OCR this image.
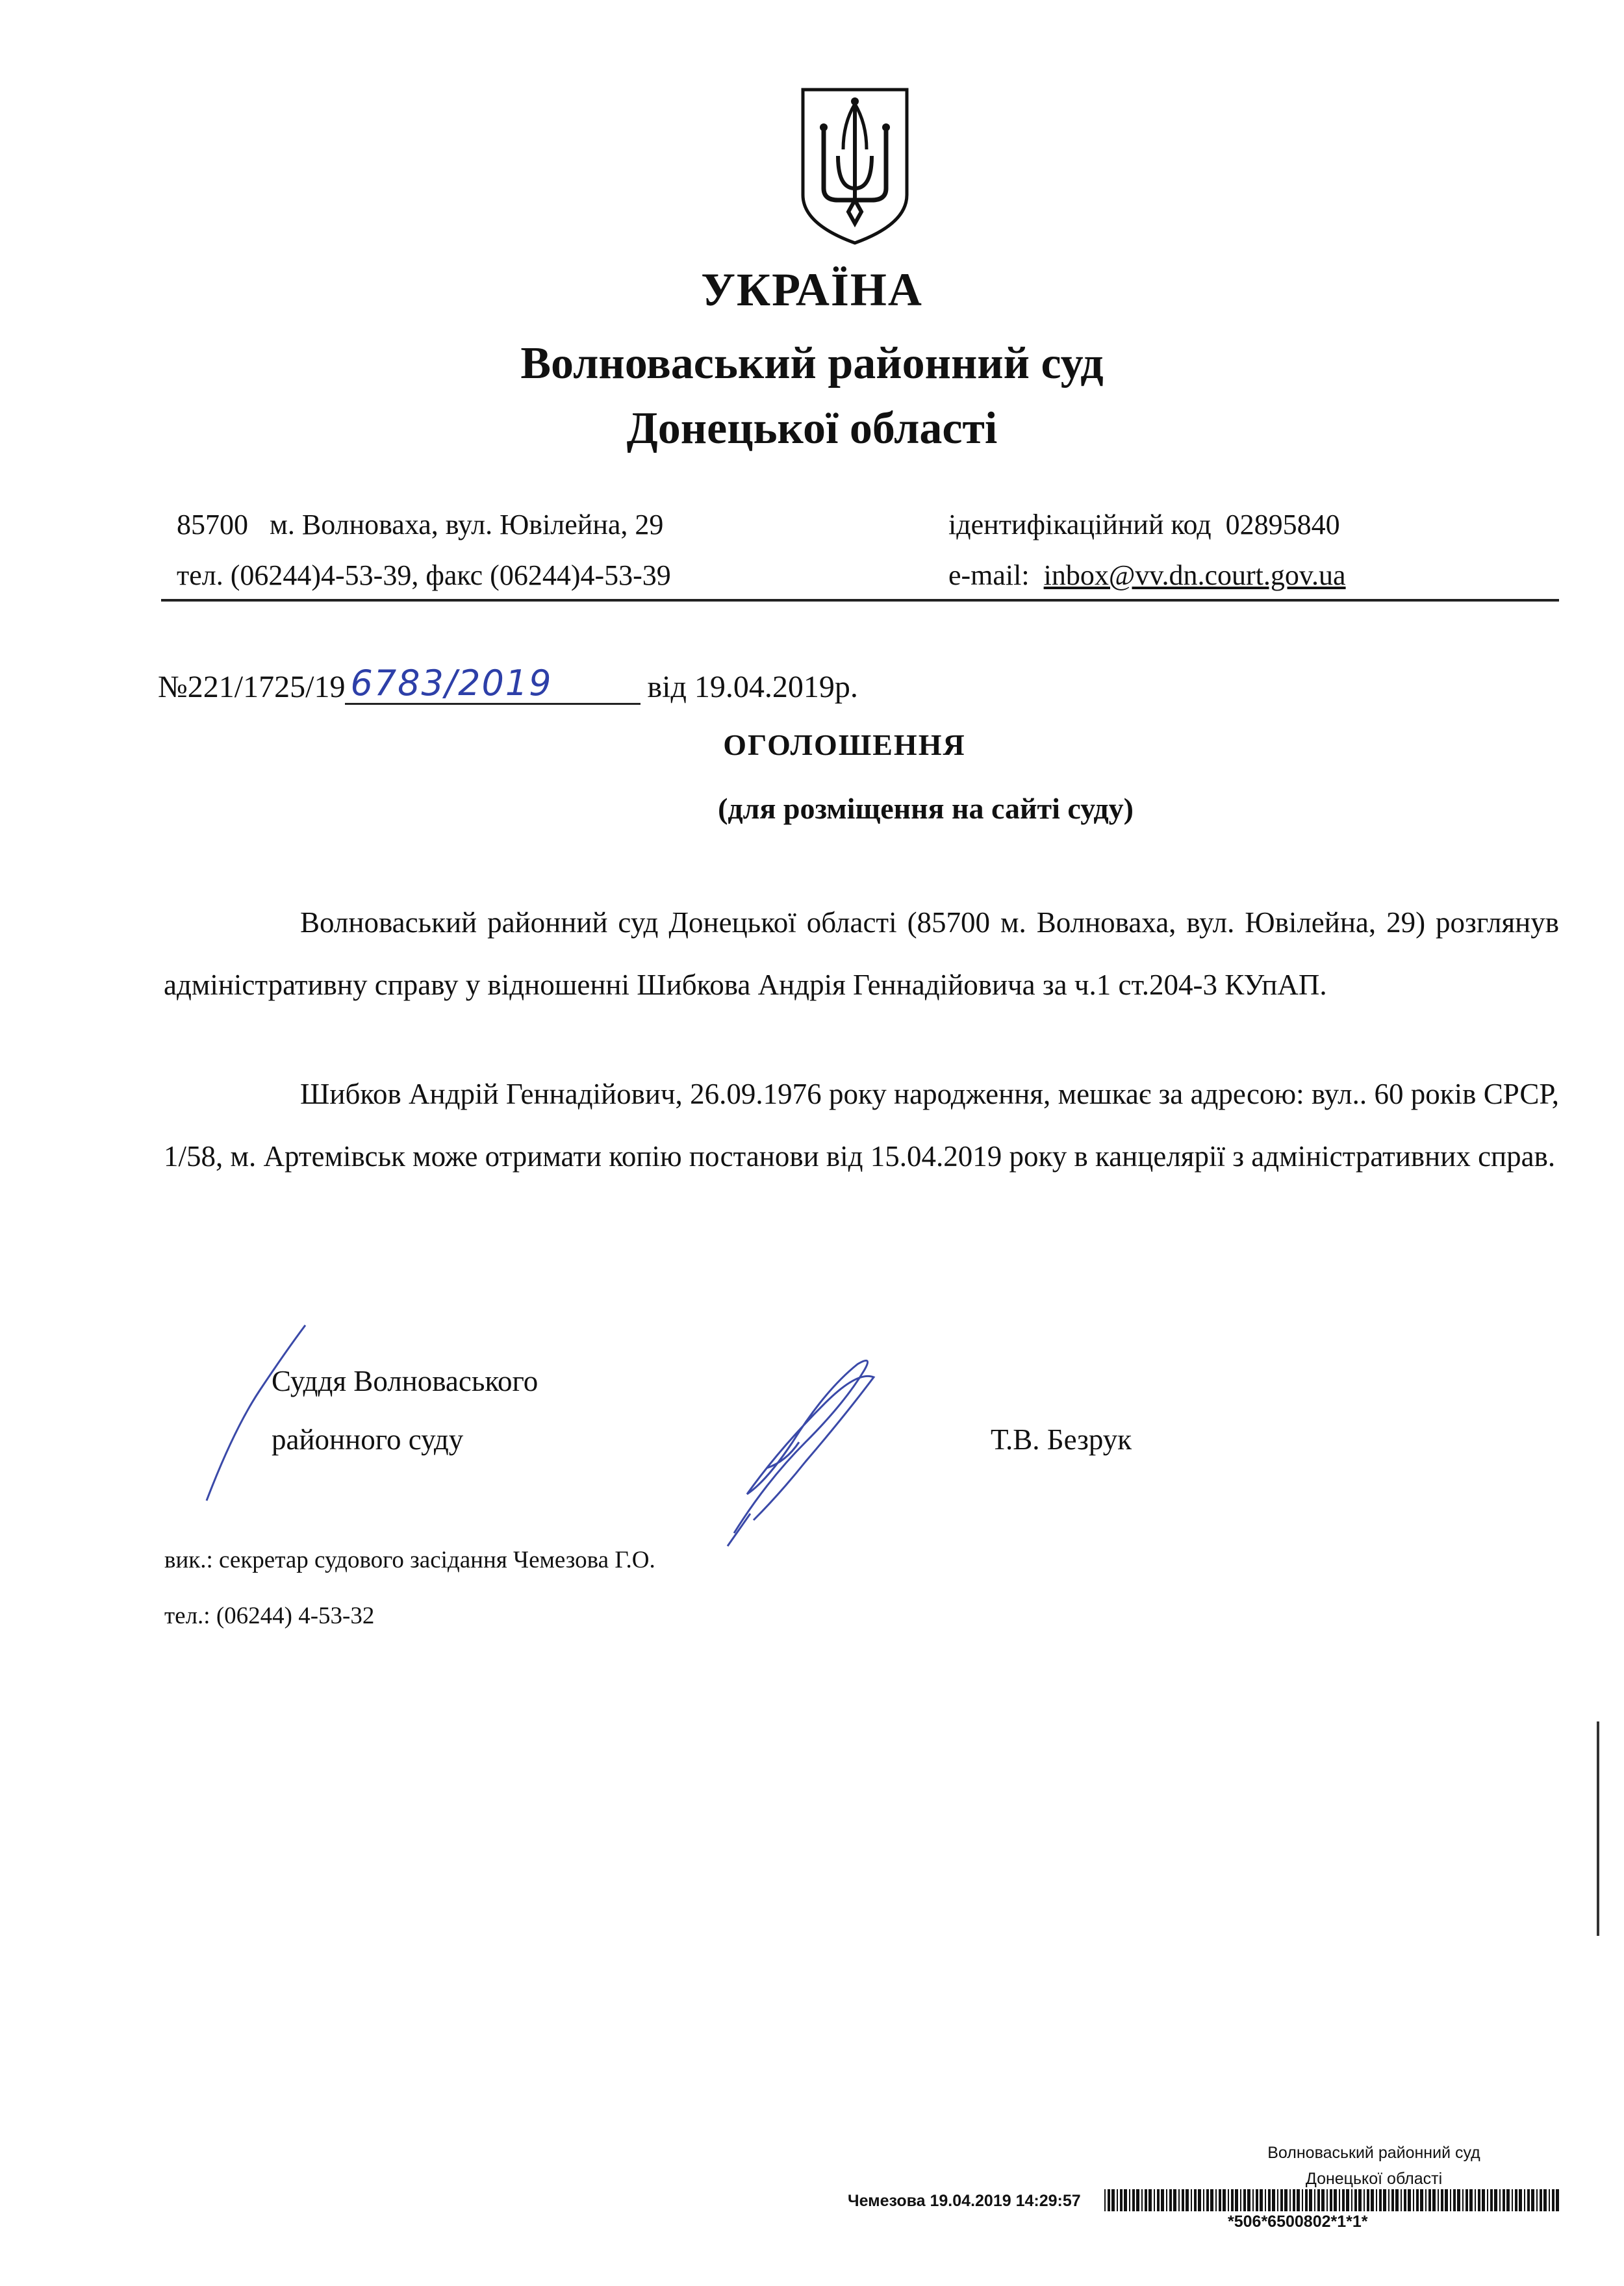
УКРАЇНА
Волноваський районний суд
Донецької області
85700   м. Волноваха, вул. Ювілейна, 29
тел. (06244)4-53-39, факс (06244)4-53-39
ідентифікаційний код  02895840
e-mail:  inbox@vv.dn.court.gov.ua
№221/1725/19 6783/2019	від 19.04.2019р.
ОГОЛОШЕННЯ
(для розміщення на сайті суду)
Волноваський районний суд Донецької області (85700 м. Волноваха, вул. Ювілейна, 29) розглянув адміністративну справу у відношенні Шибкова Андрія Геннадійовича за ч.1 ст.204-3 КУпАП.
Шибков Андрій Геннадійович, 26.09.1976 року народження, мешкає за адресою: вул.. 60 років СРСР, 1/58, м. Артемівськ може отримати копію постанови від 15.04.2019 року в канцелярії з адміністративних справ.
Суддя Волноваського
районного суду	Т.В. Безрук
вик.: секретар судового засідання Чемезова Г.О.
тел.: (06244) 4-53-32
Волноваський районний суд
Донецької області
Чемезова 19.04.2019 14:29:57
*506*6500802*1*1*
